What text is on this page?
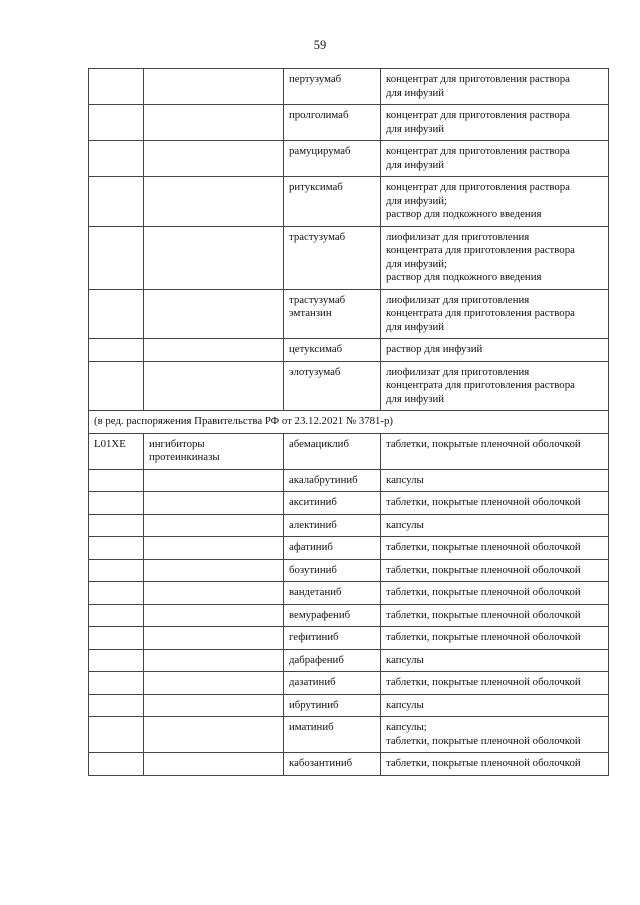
59
		пертузумаб	концентрат для приготовления раствора
для инфузий
		пролголимаб	концентрат для приготовления раствора
для инфузий
		рамуцирумаб	концентрат для приготовления раствора
для инфузий
		ритуксимаб	концентрат для приготовления раствора
для инфузий;
раствор для подкожного введения
		трастузумаб	лиофилизат для приготовления
концентрата для приготовления раствора
для инфузий;
раствор для подкожного введения
		трастузумаб
эмтанзин	лиофилизат для приготовления
концентрата для приготовления раствора
для инфузий
		цетуксимаб	раствор для инфузий
		элотузумаб	лиофилизат для приготовления
концентрата для приготовления раствора
для инфузий
(в ред. распоряжения Правительства РФ от 23.12.2021 № 3781-р)			
L01XE	ингибиторы
протеинкиназы	абемациклиб	таблетки, покрытые пленочной оболочкой
		акалабрутиниб	капсулы
		акситиниб	таблетки, покрытые пленочной оболочкой
		алектиниб	капсулы
		афатиниб	таблетки, покрытые пленочной оболочкой
		бозутиниб	таблетки, покрытые пленочной оболочкой
		вандетаниб	таблетки, покрытые пленочной оболочкой
		вемурафениб	таблетки, покрытые пленочной оболочкой
		гефитиниб	таблетки, покрытые пленочной оболочкой
		дабрафениб	капсулы
		дазатиниб	таблетки, покрытые пленочной оболочкой
		ибрутиниб	капсулы
		иматиниб	капсулы;
таблетки, покрытые пленочной оболочкой
		кабозантиниб	таблетки, покрытые пленочной оболочкой
